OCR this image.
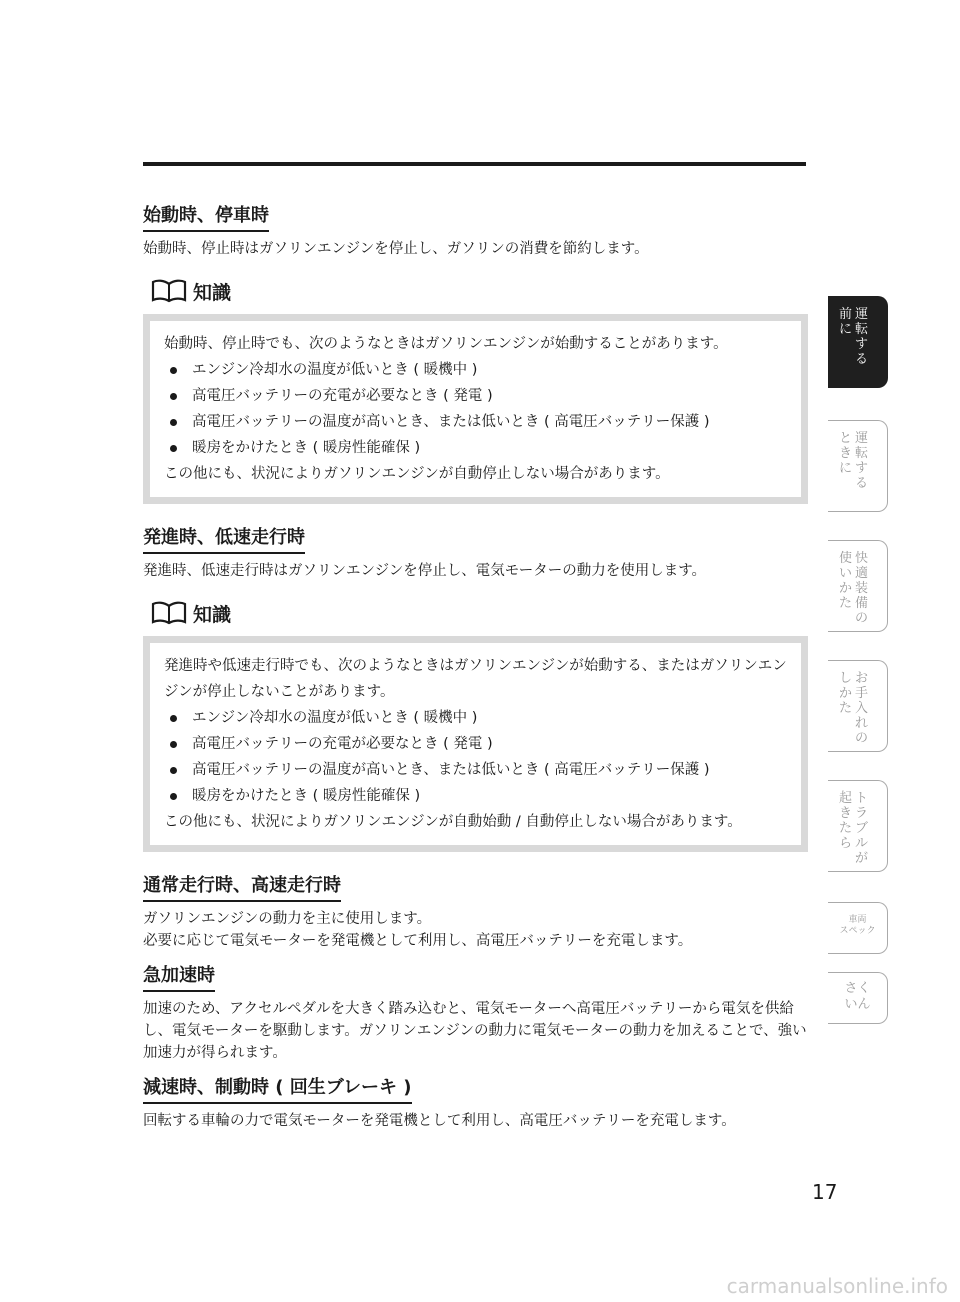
始動時、停車時

始動時、停止時はガソリンエンジンを停止し、ガソリンの消費を節約します。

知識

始動時、停止時でも、次のようなときはガソリンエンジンが始動することがあります。

エンジン冷却水の温度が低いとき ( 暖機中 )
高電圧バッテリーの充電が必要なとき ( 発電 )
高電圧バッテリーの温度が高いとき、または低いとき ( 高電圧バッテリー保護 )
暖房をかけたとき ( 暖房性能確保 )

この他にも、状況によりガソリンエンジンが自動停止しない場合があります。

発進時、低速走行時

発進時、低速走行時はガソリンエンジンを停止し、電気モーターの動力を使用します。

知識

発進時や低速走行時でも、次のようなときはガソリンエンジンが始動する、またはガソリンエンジンが停止しないことがあります。

エンジン冷却水の温度が低いとき ( 暖機中 )
高電圧バッテリーの充電が必要なとき ( 発電 )
高電圧バッテリーの温度が高いとき、または低いとき ( 高電圧バッテリー保護 )
暖房をかけたとき ( 暖房性能確保 )

この他にも、状況によりガソリンエンジンが自動始動 / 自動停止しない場合があります。

通常走行時、高速走行時

ガソリンエンジンの動力を主に使用します。

必要に応じて電気モーターを発電機として利用し、高電圧バッテリーを充電します。

急加速時

加速のため、アクセルペダルを大きく踏み込むと、電気モーターへ高電圧バッテリーから電気を供給し、電気モーターを駆動します。ガソリンエンジンの動力に電気モーターの動力を加えることで、強い加速力が得られます。

減速時、制動時 ( 回生ブレーキ )

回転する車輪の力で電気モーターを発電機として利用し、高電圧バッテリーを充電します。

運
転
す
る
前
に
運
転
す
る
と
き
に
快
適
装
備
の
使
い
か
た
お
手
入
れ
の
し
か
た
ト
ラ
ブ
ル
が
起
き
た
ら
車両
スペック
さく
いん
17
carmanualsonline.info
